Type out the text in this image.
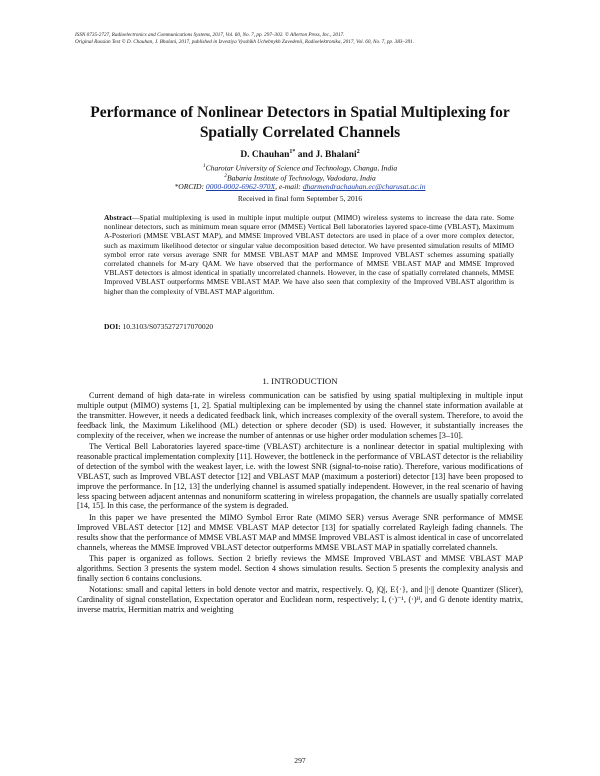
ISSN 0735-2727, Radioelectronics and Communications Systems, 2017, Vol. 60, No. 7, pp. 297–302. © Allerton Press, Inc., 2017.
Original Russian Text © D. Chauhan, J. Bhalani, 2017, published in Izvestiya Vysshikh Uchebnykh Zavedenii, Radioelektronika, 2017, Vol. 60, No. 7, pp. 383–391.
Performance of Nonlinear Detectors in Spatial Multiplexing for Spatially Correlated Channels
D. Chauhan$^{1*}$ and J. Bhalani$^2$
$^1$Charotar University of Science and Technology, Changa, India
$^2$Babaria Institute of Technology, Vadodara, India
*ORCID: 0000-0002-6962-970X, e-mail: dharmendrachauhan.ec@charusat.ac.in
Received in final form September 5, 2016
Abstract—Spatial multiplexing is used in multiple input multiple output (MIMO) wireless systems to increase the data rate. Some nonlinear detectors, such as minimum mean square error (MMSE) Vertical Bell laboratories layered space-time (VBLAST), Maximum A-Posteriori (MMSE VBLAST MAP), and MMSE Improved VBLAST detectors are used in place of a over more complex detector, such as maximum likelihood detector or singular value decomposition based detector. We have presented simulation results of MIMO symbol error rate versus average SNR for MMSE VBLAST MAP and MMSE Improved VBLAST schemes assuming spatially correlated channels for M-ary QAM. We have observed that the performance of MMSE VBLAST MAP and MMSE Improved VBLAST detectors is almost identical in spatially uncorrelated channels. However, in the case of spatially correlated channels, MMSE Improved VBLAST outperforms MMSE VBLAST MAP. We have also seen that complexity of the Improved VBLAST algorithm is higher than the complexity of VBLAST MAP algorithm.
DOI: 10.3103/S0735272717070020
1. INTRODUCTION

Current demand of high data-rate in wireless communication can be satisfied by using spatial multiplexing in multiple input multiple output (MIMO) systems [1, 2]. Spatial multiplexing can be implemented by using the channel state information available at the transmitter. However, it needs a dedicated feedback link, which increases complexity of the overall system. Therefore, to avoid the feedback link, the Maximum Likelihood (ML) detection or sphere decoder (SD) is used. However, it substantially increases the complexity of the receiver, when we increase the number of antennas or use higher order modulation schemes [3–10].

The Vertical Bell Laboratories layered space-time (VBLAST) architecture is a nonlinear detector in spatial multiplexing with reasonable practical implementation complexity [11]. However, the bottleneck in the performance of VBLAST detector is the reliability of detection of the symbol with the weakest layer, i.e. with the lowest SNR (signal-to-noise ratio). Therefore, various modifications of VBLAST, such as Improved VBLAST detector [12] and VBLAST MAP (maximum a posteriori) detector [13] have been proposed to improve the performance. In [12, 13] the underlying channel is assumed spatially independent. However, in the real scenario of having less spacing between adjacent antennas and nonuniform scattering in wireless propagation, the channels are usually spatially correlated [14, 15]. In this case, the performance of the system is degraded.

In this paper we have presented the MIMO Symbol Error Rate (MIMO SER) versus Average SNR performance of MMSE Improved VBLAST detector [12] and MMSE VBLAST MAP detector [13] for spatially correlated Rayleigh fading channels. The results show that the performance of MMSE VBLAST MAP and MMSE Improved VBLAST is almost identical in case of uncorrelated channels, whereas the MMSE Improved VBLAST detector outperforms MMSE VBLAST MAP in spatially correlated channels.

This paper is organized as follows. Section 2 briefly reviews the MMSE Improved VBLAST and MMSE VBLAST MAP algorithms. Section 3 presents the system model. Section 4 shows simulation results. Section 5 presents the complexity analysis and finally section 6 contains conclusions.

Notations: small and capital letters in bold denote vector and matrix, respectively. Q, |Q|, E{·}, and ||·|| denote Quantizer (Slicer), Cardinality of signal constellation, Expectation operator and Euclidean norm, respectively; I, (·)⁻¹, (·)ᴴ, and G denote identity matrix, inverse matrix, Hermitian matrix and weighting

297
